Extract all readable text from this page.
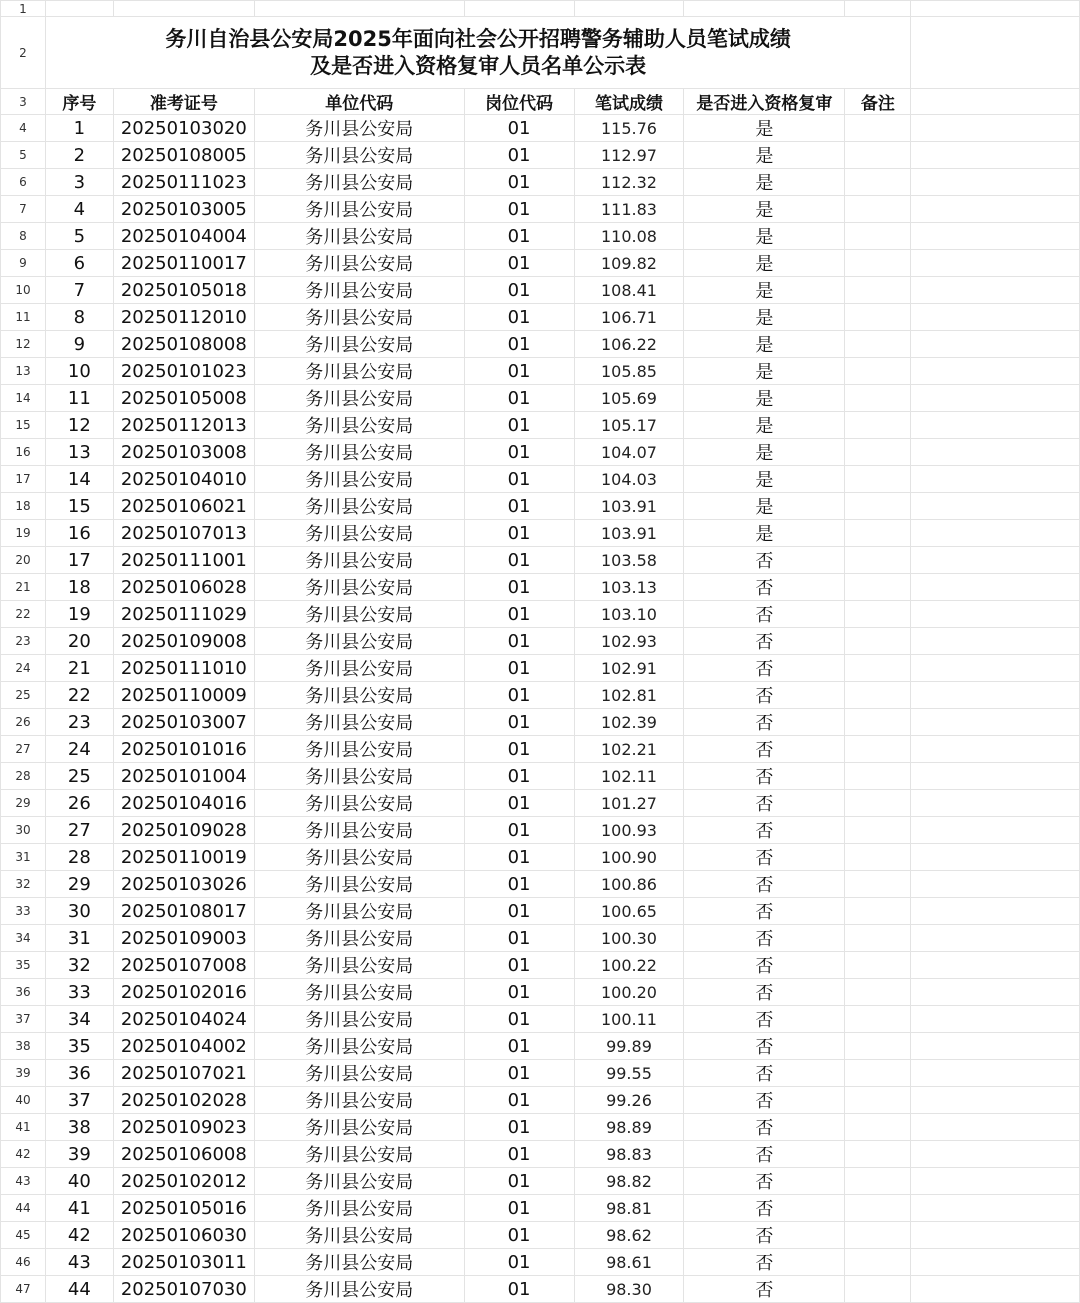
1								
2	务川自治县公安局2025年面向社会公开招聘警务辅助人员笔试成绩
及是否进入资格复审人员名单公示表							

3	序号	准考证号	单位代码	岗位代码	笔试成绩	是否进入资格复审	备注	
4	1	20250103020	务川县公安局	01	115.76	是		
5	2	20250108005	务川县公安局	01	112.97	是		
6	3	20250111023	务川县公安局	01	112.32	是		
7	4	20250103005	务川县公安局	01	111.83	是		
8	5	20250104004	务川县公安局	01	110.08	是		
9	6	20250110017	务川县公安局	01	109.82	是		
10	7	20250105018	务川县公安局	01	108.41	是		
11	8	20250112010	务川县公安局	01	106.71	是		
12	9	20250108008	务川县公安局	01	106.22	是		
13	10	20250101023	务川县公安局	01	105.85	是		
14	11	20250105008	务川县公安局	01	105.69	是		
15	12	20250112013	务川县公安局	01	105.17	是		
16	13	20250103008	务川县公安局	01	104.07	是		
17	14	20250104010	务川县公安局	01	104.03	是		
18	15	20250106021	务川县公安局	01	103.91	是		
19	16	20250107013	务川县公安局	01	103.91	是		
20	17	20250111001	务川县公安局	01	103.58	否		
21	18	20250106028	务川县公安局	01	103.13	否		
22	19	20250111029	务川县公安局	01	103.10	否		
23	20	20250109008	务川县公安局	01	102.93	否		
24	21	20250111010	务川县公安局	01	102.91	否		
25	22	20250110009	务川县公安局	01	102.81	否		
26	23	20250103007	务川县公安局	01	102.39	否		
27	24	20250101016	务川县公安局	01	102.21	否		
28	25	20250101004	务川县公安局	01	102.11	否		
29	26	20250104016	务川县公安局	01	101.27	否		
30	27	20250109028	务川县公安局	01	100.93	否		
31	28	20250110019	务川县公安局	01	100.90	否		
32	29	20250103026	务川县公安局	01	100.86	否		
33	30	20250108017	务川县公安局	01	100.65	否		
34	31	20250109003	务川县公安局	01	100.30	否		
35	32	20250107008	务川县公安局	01	100.22	否		
36	33	20250102016	务川县公安局	01	100.20	否		
37	34	20250104024	务川县公安局	01	100.11	否		
38	35	20250104002	务川县公安局	01	99.89	否		
39	36	20250107021	务川县公安局	01	99.55	否		
40	37	20250102028	务川县公安局	01	99.26	否		
41	38	20250109023	务川县公安局	01	98.89	否		
42	39	20250106008	务川县公安局	01	98.83	否		
43	40	20250102012	务川县公安局	01	98.82	否		
44	41	20250105016	务川县公安局	01	98.81	否		
45	42	20250106030	务川县公安局	01	98.62	否		
46	43	20250103011	务川县公安局	01	98.61	否		
47	44	20250107030	务川县公安局	01	98.30	否		
